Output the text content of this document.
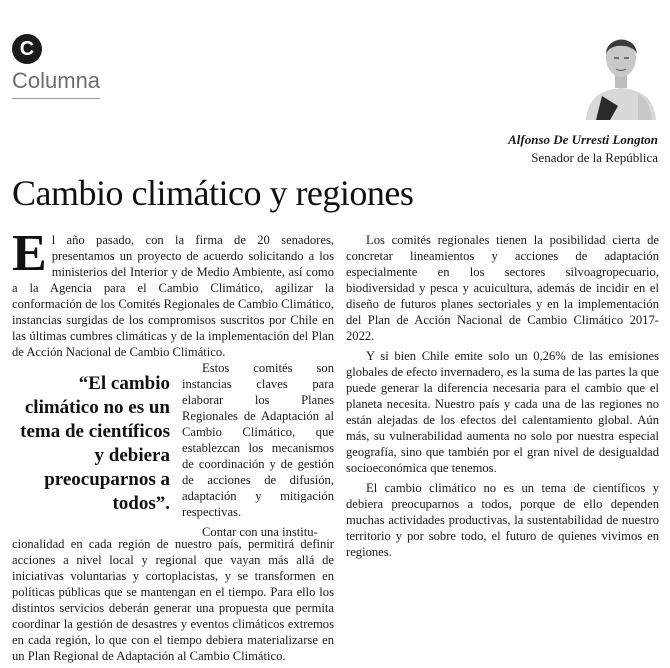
C
Columna
Alfonso De Urresti Longton
Senador de la República
Cambio climático y regiones

El año pasado, con la firma de 20 senadores, presentamos un proyecto de acuerdo solicitando a los ministerios del Interior y de Medio Ambiente, así como a la Agencia para el Cambio Climático, agilizar la conformación de los Comités Regionales de Cambio Climático, instancias surgidas de los compromisos suscritos por Chile en las últimas cumbres climáticas y de la implementación del Plan de Acción Nacional de Cambio Climático.

“El cambio climático no es un tema de científicos y debiera preocuparnos a todos”.

Estos comités son instancias claves para elaborar los Planes Regionales de Adaptación al Cambio Climático, que establezcan los mecanismos de coordinación y de gestión de acciones de difusión, adaptación y mitigación respectivas.

Contar con una institu-

cionalidad en cada región de nuestro país, permitirá definir acciones a nivel local y regional que vayan más allá de iniciativas voluntarias y cortoplacistas, y se transformen en políticas públicas que se mantengan en el tiempo. Para ello los distintos servicios deberán generar una propuesta que permita coordinar la gestión de desastres y eventos climáticos extremos en cada región, lo que con el tiempo debiera materializarse en un Plan Regional de Adaptación al Cambio Climático.

Los comités regionales tienen la posibilidad cierta de concretar lineamientos y acciones de adaptación especialmente en los sectores silvoagropecuario, biodiversidad y pesca y acuicultura, además de incidir en el diseño de futuros planes sectoriales y en la implementación del Plan de Acción Nacional de Cambio Climático 2017-2022.

Y si bien Chile emite solo un 0,26% de las emisiones globales de efecto invernadero, es la suma de las partes la que puede generar la diferencia necesaria para el cambio que el planeta necesita. Nuestro país y cada una de las regiones no están alejadas de los efectos del calentamiento global. Aún más, su vulnerabilidad aumenta no solo por nuestra especial geografía, sino que también por el gran nivel de desigualdad socioeconómica que tenemos.

El cambio climático no es un tema de científicos y debiera preocuparnos a todos, porque de ello dependen muchas actividades productivas, la sustentabilidad de nuestro territorio y por sobre todo, el futuro de quienes vivimos en regiones.
